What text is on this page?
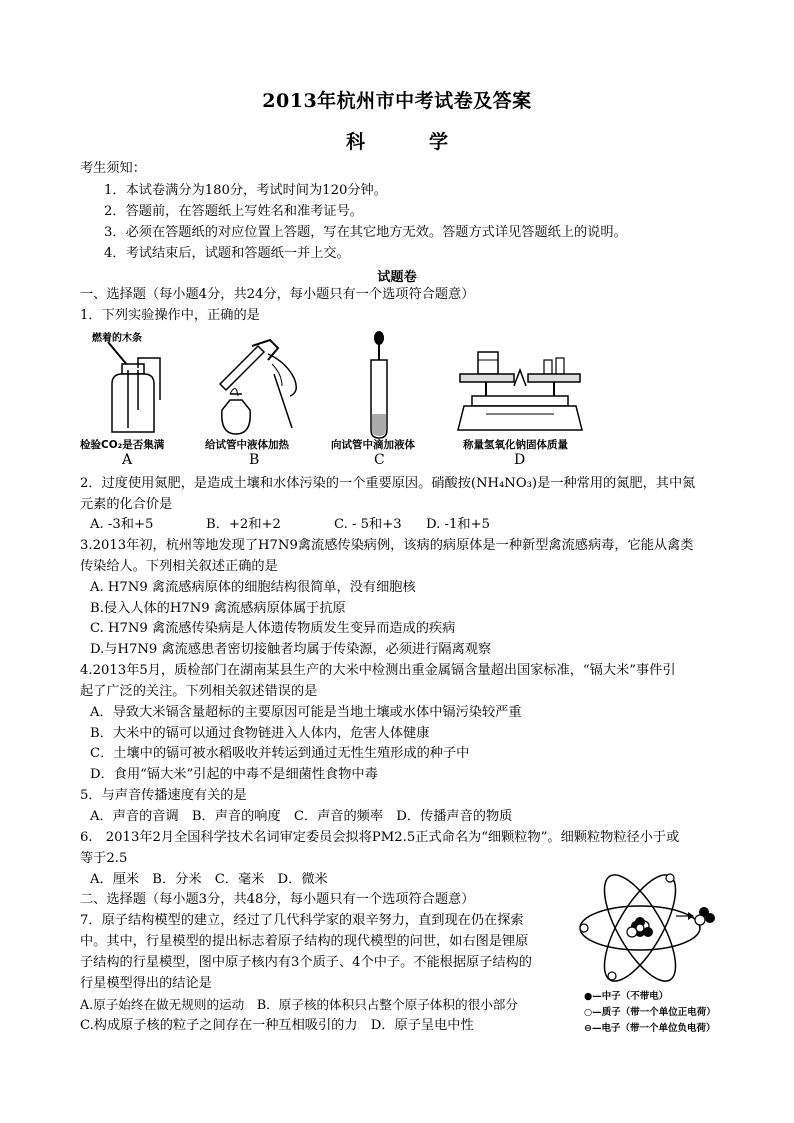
2013年杭州市中考试卷及答案
科	学
考生须知：
1．本试卷满分为180分，考试时间为120分钟。
2．答题前，在答题纸上写姓名和准考证号。
3．必须在答题纸的对应位置上答题，写在其它地方无效。答题方式详见答题纸上的说明。
4．考试结束后，试题和答题纸一并上交。
试题卷
一、选择题（每小题4分，共24分，每小题只有一个选项符合题意）
1．下列实验操作中，正确的是
燃着的木条
检验CO₂是否集满
A
给试管中液体加热
B
向试管中滴加液体
C
称量氢氧化钠固体质量
D
2．过度使用氮肥，是造成土壤和水体污染的一个重要原因。硝酸按(NH₄NO₃)是一种常用的氮肥，其中氮
元素的化合价是
A. -3和+5	B．+2和+2	C. - 5和+3 D. -1和+5
3.2013年初，杭州等地发现了H7N9禽流感传染病例，该病的病原体是一种新型禽流感病毒，它能从禽类
传染给人。下列相关叙述正确的是
A. H7N9 禽流感病原体的细胞结构很简单，没有细胞核
B.侵入人体的H7N9 禽流感病原体属于抗原
C. H7N9 禽流感传染病是人体遗传物质发生变异而造成的疾病
D.与H7N9 禽流感患者密切接触者均属于传染源，必须进行隔离观察
4.2013年5月，质检部门在湖南某县生产的大米中检测出重金属镉含量超出国家标准，“镉大米”事件引
起了广泛的关注。下列相关叙述错误的是
A．导致大米镉含量超标的主要原因可能是当地土壤或水体中镉污染较严重
B．大米中的镉可以通过食物链进入人体内，危害人体健康
C．土壤中的镉可被水稻吸收并转运到通过无性生殖形成的种子中
D．食用“镉大米”引起的中毒不是细菌性食物中毒
5．与声音传播速度有关的是
A．声音的音调　B．声音的响度　C．声音的频率　D．传播声音的物质
6.　2013年2月全国科学技术名词审定委员会拟将PM2.5正式命名为“细颗粒物”。细颗粒物粒径小于或
等于2.5
A．厘米　B．分米　C．毫米　D．微米
二、选择题（每小题3分，共48分，每小题只有一个选项符合题意）
7．原子结构模型的建立，经过了几代科学家的艰辛努力，直到现在仍在探索
中。其中，行星模型的提出标志着原子结构的现代模型的问世，如右图是锂原
子结构的行星模型，图中原子核内有3个质子、4个中子。不能根据原子结构的
行星模型得出的结论是
A.原子始终在做无规则的运动　B．原子核的体积只占整个原子体积的很小部分
C.构成原子核的粒子之间存在一种互相吸引的力　D．原子呈电中性
●—中子（不带电）
○—质子（带一个单位正电荷）
⊖—电子（带一个单位负电荷）
